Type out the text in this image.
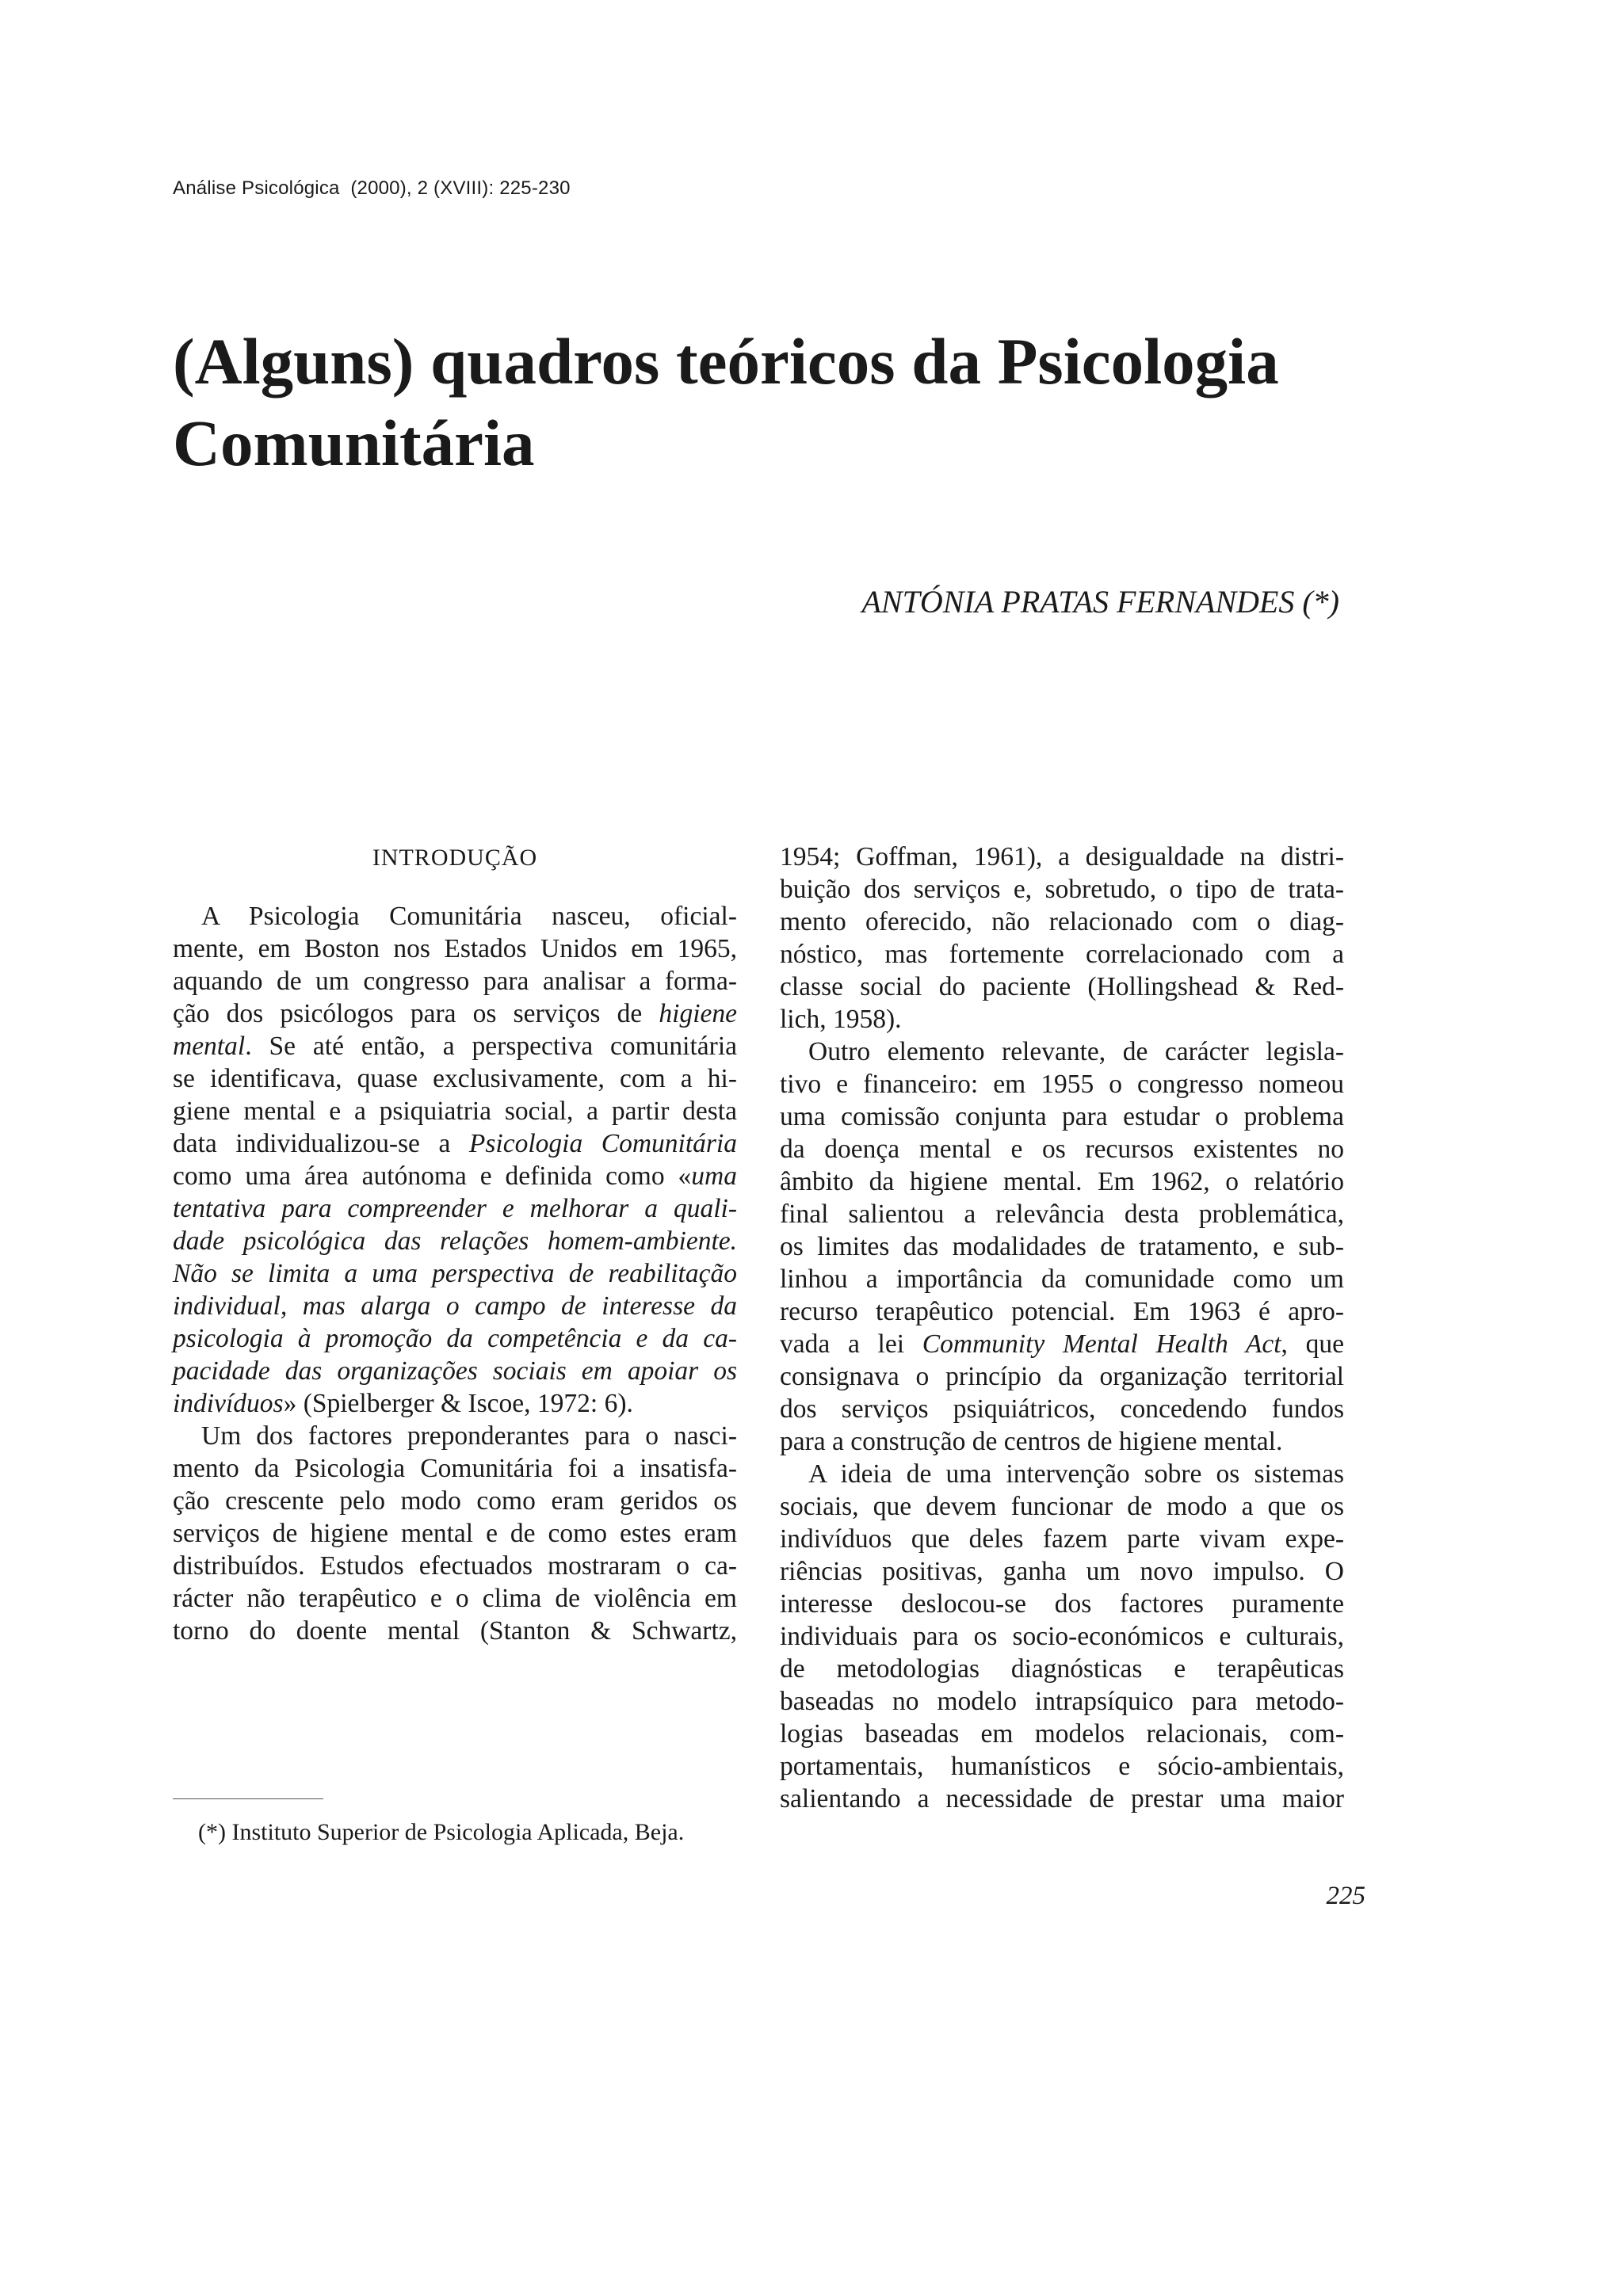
Análise Psicológica (2000), 2 (XVIII): 225-230
(Alguns) quadros teóricos da Psicologia
Comunitária
ANTÓNIA PRATAS FERNANDES (*)

INTRODUÇÃO

A Psicologia Comunitária nasceu, oficial-
mente, em Boston nos Estados Unidos em 1965,
aquando de um congresso para analisar a forma-
ção dos psicólogos para os serviços de higiene
mental. Se até então, a perspectiva comunitária
se identificava, quase exclusivamente, com a hi-
giene mental e a psiquiatria social, a partir desta
data individualizou-se a Psicologia Comunitária
como uma área autónoma e definida como «uma
tentativa para compreender e melhorar a quali-
dade psicológica das relações homem-ambiente.
Não se limita a uma perspectiva de reabilitação
individual, mas alarga o campo de interesse da
psicologia à promoção da competência e da ca-
pacidade das organizações sociais em apoiar os
indivíduos» (Spielberger & Iscoe, 1972: 6).

Um dos factores preponderantes para o nasci-
mento da Psicologia Comunitária foi a insatisfa-
ção crescente pelo modo como eram geridos os
serviços de higiene mental e de como estes eram
distribuídos. Estudos efectuados mostraram o ca-
rácter não terapêutico e o clima de violência em
torno do doente mental (Stanton & Schwartz,

1954; Goffman, 1961), a desigualdade na distri-
buição dos serviços e, sobretudo, o tipo de trata-
mento oferecido, não relacionado com o diag-
nóstico, mas fortemente correlacionado com a
classe social do paciente (Hollingshead & Red-
lich, 1958).

Outro elemento relevante, de carácter legisla-
tivo e financeiro: em 1955 o congresso nomeou
uma comissão conjunta para estudar o problema
da doença mental e os recursos existentes no
âmbito da higiene mental. Em 1962, o relatório
final salientou a relevância desta problemática,
os limites das modalidades de tratamento, e sub-
linhou a importância da comunidade como um
recurso terapêutico potencial. Em 1963 é apro-
vada a lei Community Mental Health Act, que
consignava o princípio da organização territorial
dos serviços psiquiátricos, concedendo fundos
para a construção de centros de higiene mental.

A ideia de uma intervenção sobre os sistemas
sociais, que devem funcionar de modo a que os
indivíduos que deles fazem parte vivam expe-
riências positivas, ganha um novo impulso. O
interesse deslocou-se dos factores puramente
individuais para os socio-económicos e culturais,
de metodologias diagnósticas e terapêuticas
baseadas no modelo intrapsíquico para metodo-
logias baseadas em modelos relacionais, com-
portamentais, humanísticos e sócio-ambientais,
salientando a necessidade de prestar uma maior

(*) Instituto Superior de Psicologia Aplicada, Beja.
225
